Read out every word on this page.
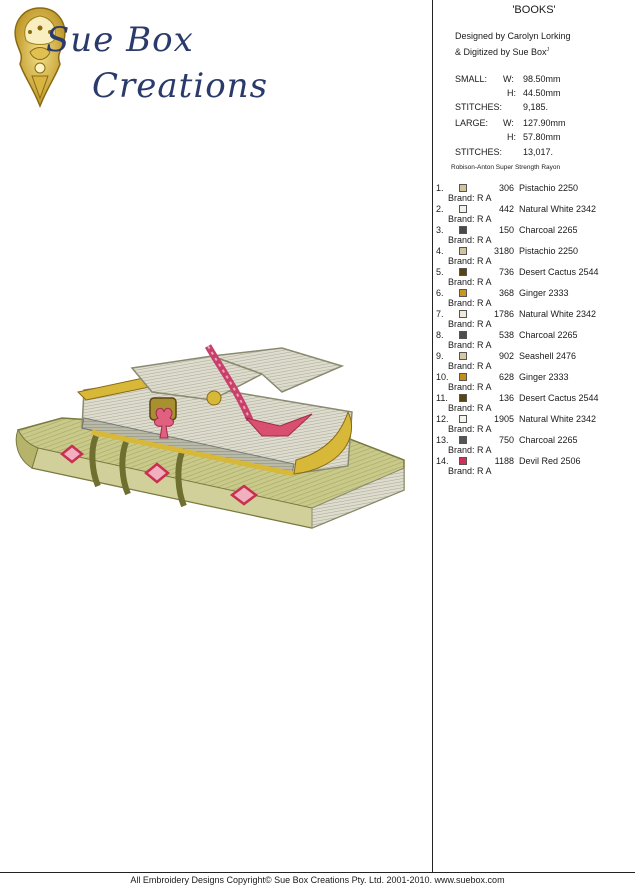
Sue Box
Creations
'BOOKS'
Designed by Carolyn Lorking
& Digitized by Sue Box$^J$
SMALL: W: 98.50mm
H: 44.50mm
STITCHES: 9,185.
LARGE: W: 127.90mm
H: 57.80mm
STITCHES: 13,017.
Robison-Anton Super Strength Rayon
1.	306 Pistachio 2250
Brand: R A
2.	442 Natural White 2342
Brand: R A
3.	150 Charcoal 2265
Brand: R A
4.	3180 Pistachio 2250
Brand: R A
5.	736 Desert Cactus 2544
Brand: R A
6.	368 Ginger 2333
Brand: R A
7.	1786 Natural White 2342
Brand: R A
8.	538 Charcoal 2265
Brand: R A
9.	902 Seashell 2476
Brand: R A
10.	628 Ginger 2333
Brand: R A
11.	136 Desert Cactus 2544
Brand: R A
12.	1905 Natural White 2342
Brand: R A
13.	750 Charcoal 2265
Brand: R A
14.	1188 Devil Red 2506
Brand: R A
All Embroidery Designs Copyright© Sue Box Creations Pty. Ltd. 2001-2010. www.suebox.com
